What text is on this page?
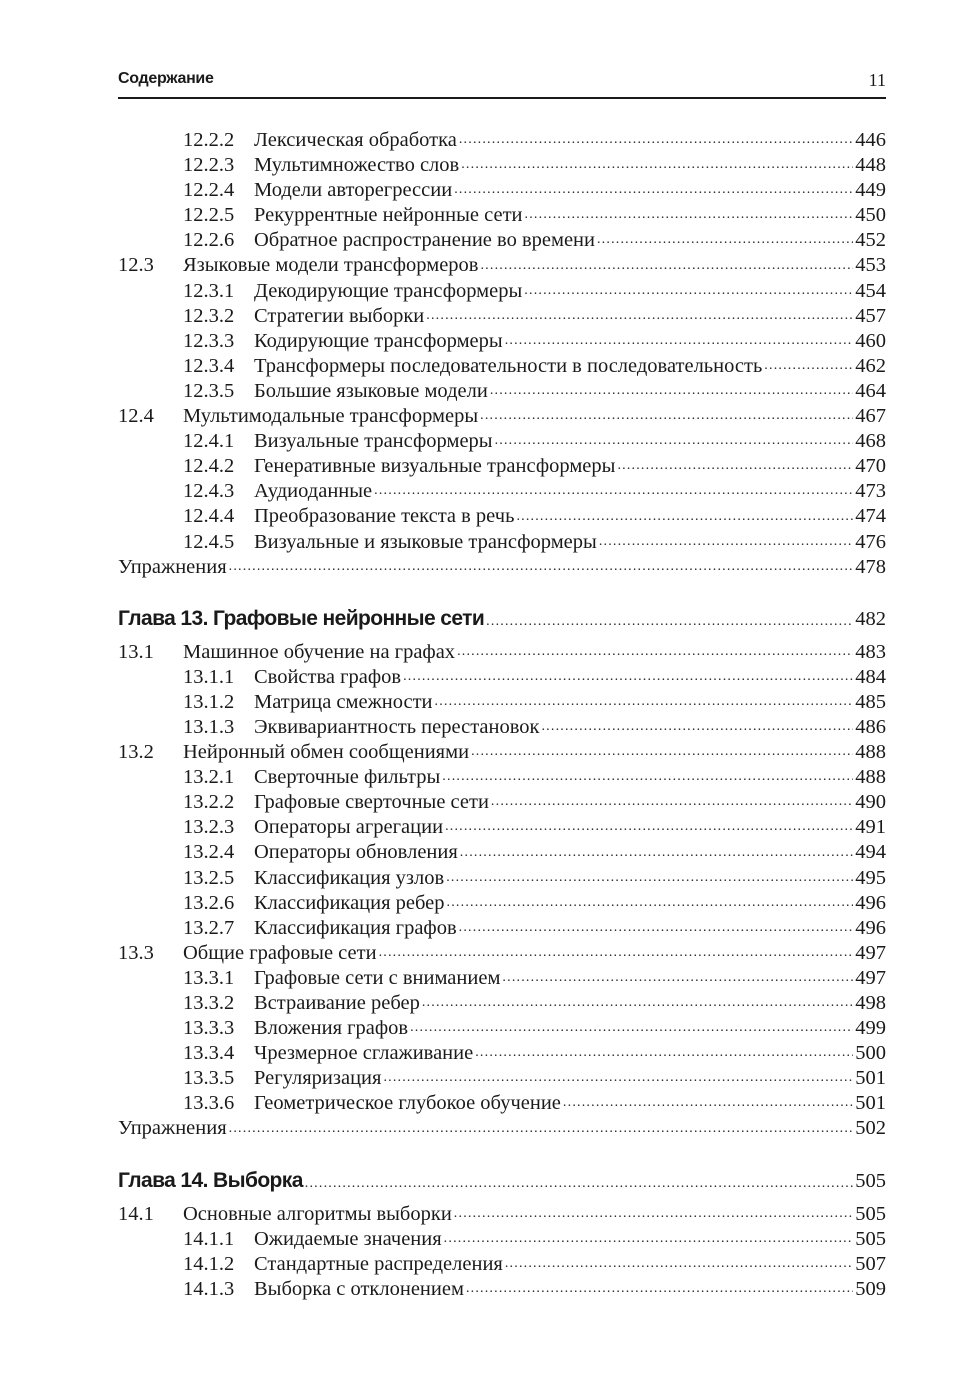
Содержание	11
12.2.2 Лексическая обработка .....	446
12.2.3 Мультимножество слов .....	448
12.2.4 Модели авторегрессии .....	449
12.2.5 Рекуррентные нейронные сети .....	450
12.2.6 Обратное распространение во времени .....	452
12.3	Языковые модели трансформеров .....	453
12.3.1 Декодирующие трансформеры .....	454
12.3.2 Стратегии выборки .....	457
12.3.3 Кодирующие трансформеры .....	460
12.3.4 Трансформеры последовательности в последовательность .....	462
12.3.5 Большие языковые модели .....	464
12.4	Мультимодальные трансформеры .....	467
12.4.1 Визуальные трансформеры .....	468
12.4.2 Генеративные визуальные трансформеры .....	470
12.4.3 Аудиоданные .....	473
12.4.4 Преобразование текста в речь .....	474
12.4.5 Визуальные и языковые трансформеры .....	476
Упражнения .....	478
Глава 13. Графовые нейронные сети .....	482
13.1	Машинное обучение на графах .....	483
13.1.1 Свойства графов .....	484
13.1.2 Матрица смежности .....	485
13.1.3 Эквивариантность перестановок .....	486
13.2	Нейронный обмен сообщениями .....	488
13.2.1 Сверточные фильтры .....	488
13.2.2 Графовые сверточные сети .....	490
13.2.3 Операторы агрегации .....	491
13.2.4 Операторы обновления .....	494
13.2.5 Классификация узлов .....	495
13.2.6 Классификация ребер .....	496
13.2.7 Классификация графов .....	496
13.3	Общие графовые сети .....	497
13.3.1 Графовые сети с вниманием .....	497
13.3.2 Встраивание ребер .....	498
13.3.3 Вложения графов .....	499
13.3.4 Чрезмерное сглаживание .....	500
13.3.5 Регуляризация .....	501
13.3.6 Геометрическое глубокое обучение .....	501
Упражнения .....	502
Глава 14. Выборка .....	505
14.1	Основные алгоритмы выборки .....	505
14.1.1 Ожидаемые значения .....	505
14.1.2 Стандартные распределения .....	507
14.1.3 Выборка с отклонением .....	509
